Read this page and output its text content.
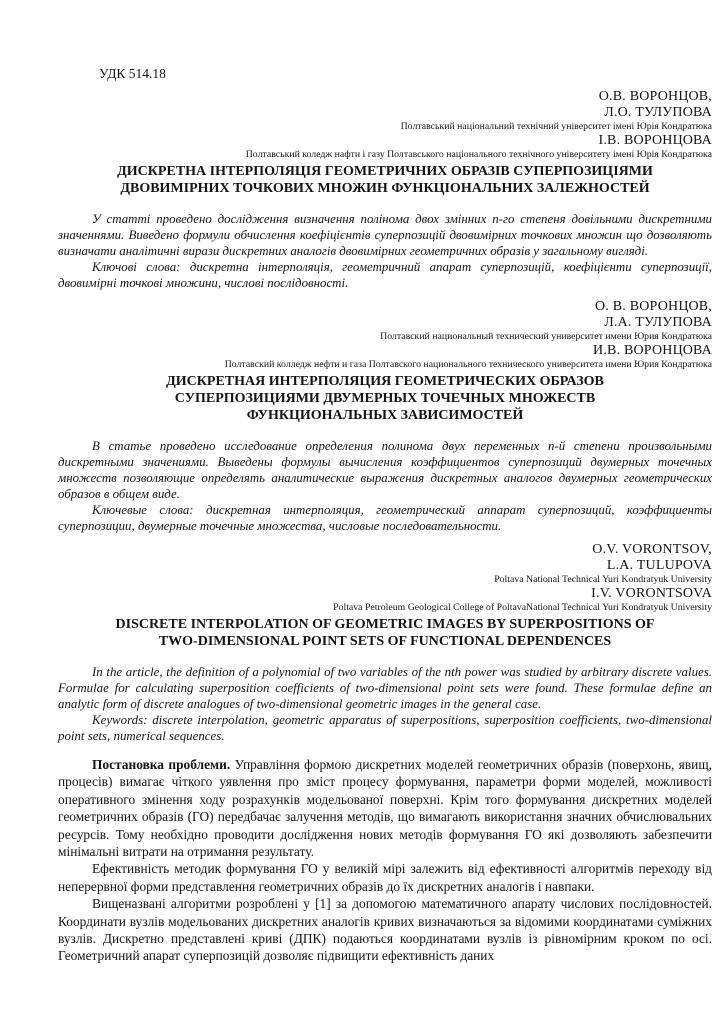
УДК 514.18
О.В. ВОРОНЦОВ,
Л.О. ТУЛУПОВА
Полтавський національний технічний університет імені Юрія Кондратюка
І.В. ВОРОНЦОВА
Полтавський коледж нафти і газу Полтавського національного технічного університету імені Юрія Кондратюка
ДИСКРЕТНА ІНТЕРПОЛЯЦІЯ ГЕОМЕТРИЧНИХ ОБРАЗІВ СУПЕРПОЗИЦІЯМИ
ДВОВИМІРНИХ ТОЧКОВИХ МНОЖИН ФУНКЦІОНАЛЬНИХ ЗАЛЕЖНОСТЕЙ

У статті проведено дослідження визначення полінома двох змінних n-го степеня довільними дискретними значеннями. Виведено формули обчислення коефіцієнтів суперпозицій двовимірних точкових множин що дозволяють визначати аналітичні вирази дискретних аналогів двовимірних геометричних образів у загальному вигляді.

Ключові слова: дискретна інтерполяція, геометричний апарат суперпозицій, коефіцієнти суперпозиції, двовимірні точкові множини, числові послідовності.

О. В. ВОРОНЦОВ,
Л.А. ТУЛУПОВА
Полтавский национальный технический университет имени Юрия Кондратюка
И.В. ВОРОНЦОВА
Полтавский колледж нефти и газа Полтавского национального технического университета имени Юрия Кондратюка
ДИСКРЕТНАЯ ИНТЕРПОЛЯЦИЯ ГЕОМЕТРИЧЕСКИХ ОБРАЗОВ
СУПЕРПОЗИЦИЯМИ ДВУМЕРНЫХ ТОЧЕЧНЫХ МНОЖЕСТВ
ФУНКЦИОНАЛЬНЫХ ЗАВИСИМОСТЕЙ

В статье проведено исследование определения полинома двух переменных n-й степени произвольными дискретными значениями. Выведены формулы вычисления коэффициентов суперпозиций двумерных точечных множеств позволяющие определять аналитические выражения дискретных аналогов двумерных геометрических образов в общем виде.

Ключевые слова: дискретная интерполяция, геометрический аппарат суперпозиций, коэффициенты суперпозиции, двумерные точечные множества, числовые последовательности.

O.V. VORONTSOV,
L.A. TULUPOVA
Poltava National Technical Yuri Kondratyuk University
I.V. VORONTSOVA
Poltava Petroleum Geological College of PoltavaNational Technical Yuri Kondratyuk University
DISCRETE INTERPOLATION OF GEOMETRIC IMAGES BY SUPERPOSITIONS OF
TWO-DIMENSIONAL POINT SETS OF FUNCTIONAL DEPENDENCES

In the article, the definition of a polynomial of two variables of the nth power was studied by arbitrary discrete values. Formulae for calculating superposition coefficients of two-dimensional point sets were found. These formulae define an analytic form of discrete analogues of two-dimensional geometric images in the general case.

Keywords: discrete interpolation, geometric apparatus of superpositions, superposition coefficients, two-dimensional point sets, numerical sequences.

Постановка проблеми. Управління формою дискретних моделей геометричних образів (поверхонь, явищ, процесів) вимагає чіткого уявлення про зміст процесу формування, параметри форми моделей, можливості оперативного змінення ходу розрахунків модельованої поверхні. Крім того формування дискретних моделей геометричних образів (ГО) передбачає залучення методів, що вимагають використання значних обчислювальних ресурсів. Тому необхідно проводити дослідження нових методів формування ГО які дозволяють забезпечити мінімальні витрати на отримання результату.

Ефективність методик формування ГО у великій мірі залежить від ефективності алгоритмів переходу від неперервної форми представлення геометричних образів до їх дискретних аналогів і навпаки.

Вищеназвані алгоритми розроблені у [1] за допомогою математичного апарату числових послідовностей. Координати вузлів модельованих дискретних аналогів кривих визначаються за відомими координатами суміжних вузлів. Дискретно представлені криві (ДПК) подаються координатами вузлів із рівномірним кроком по осі. Геометричний апарат суперпозицій дозволяє підвищити ефективність даних
